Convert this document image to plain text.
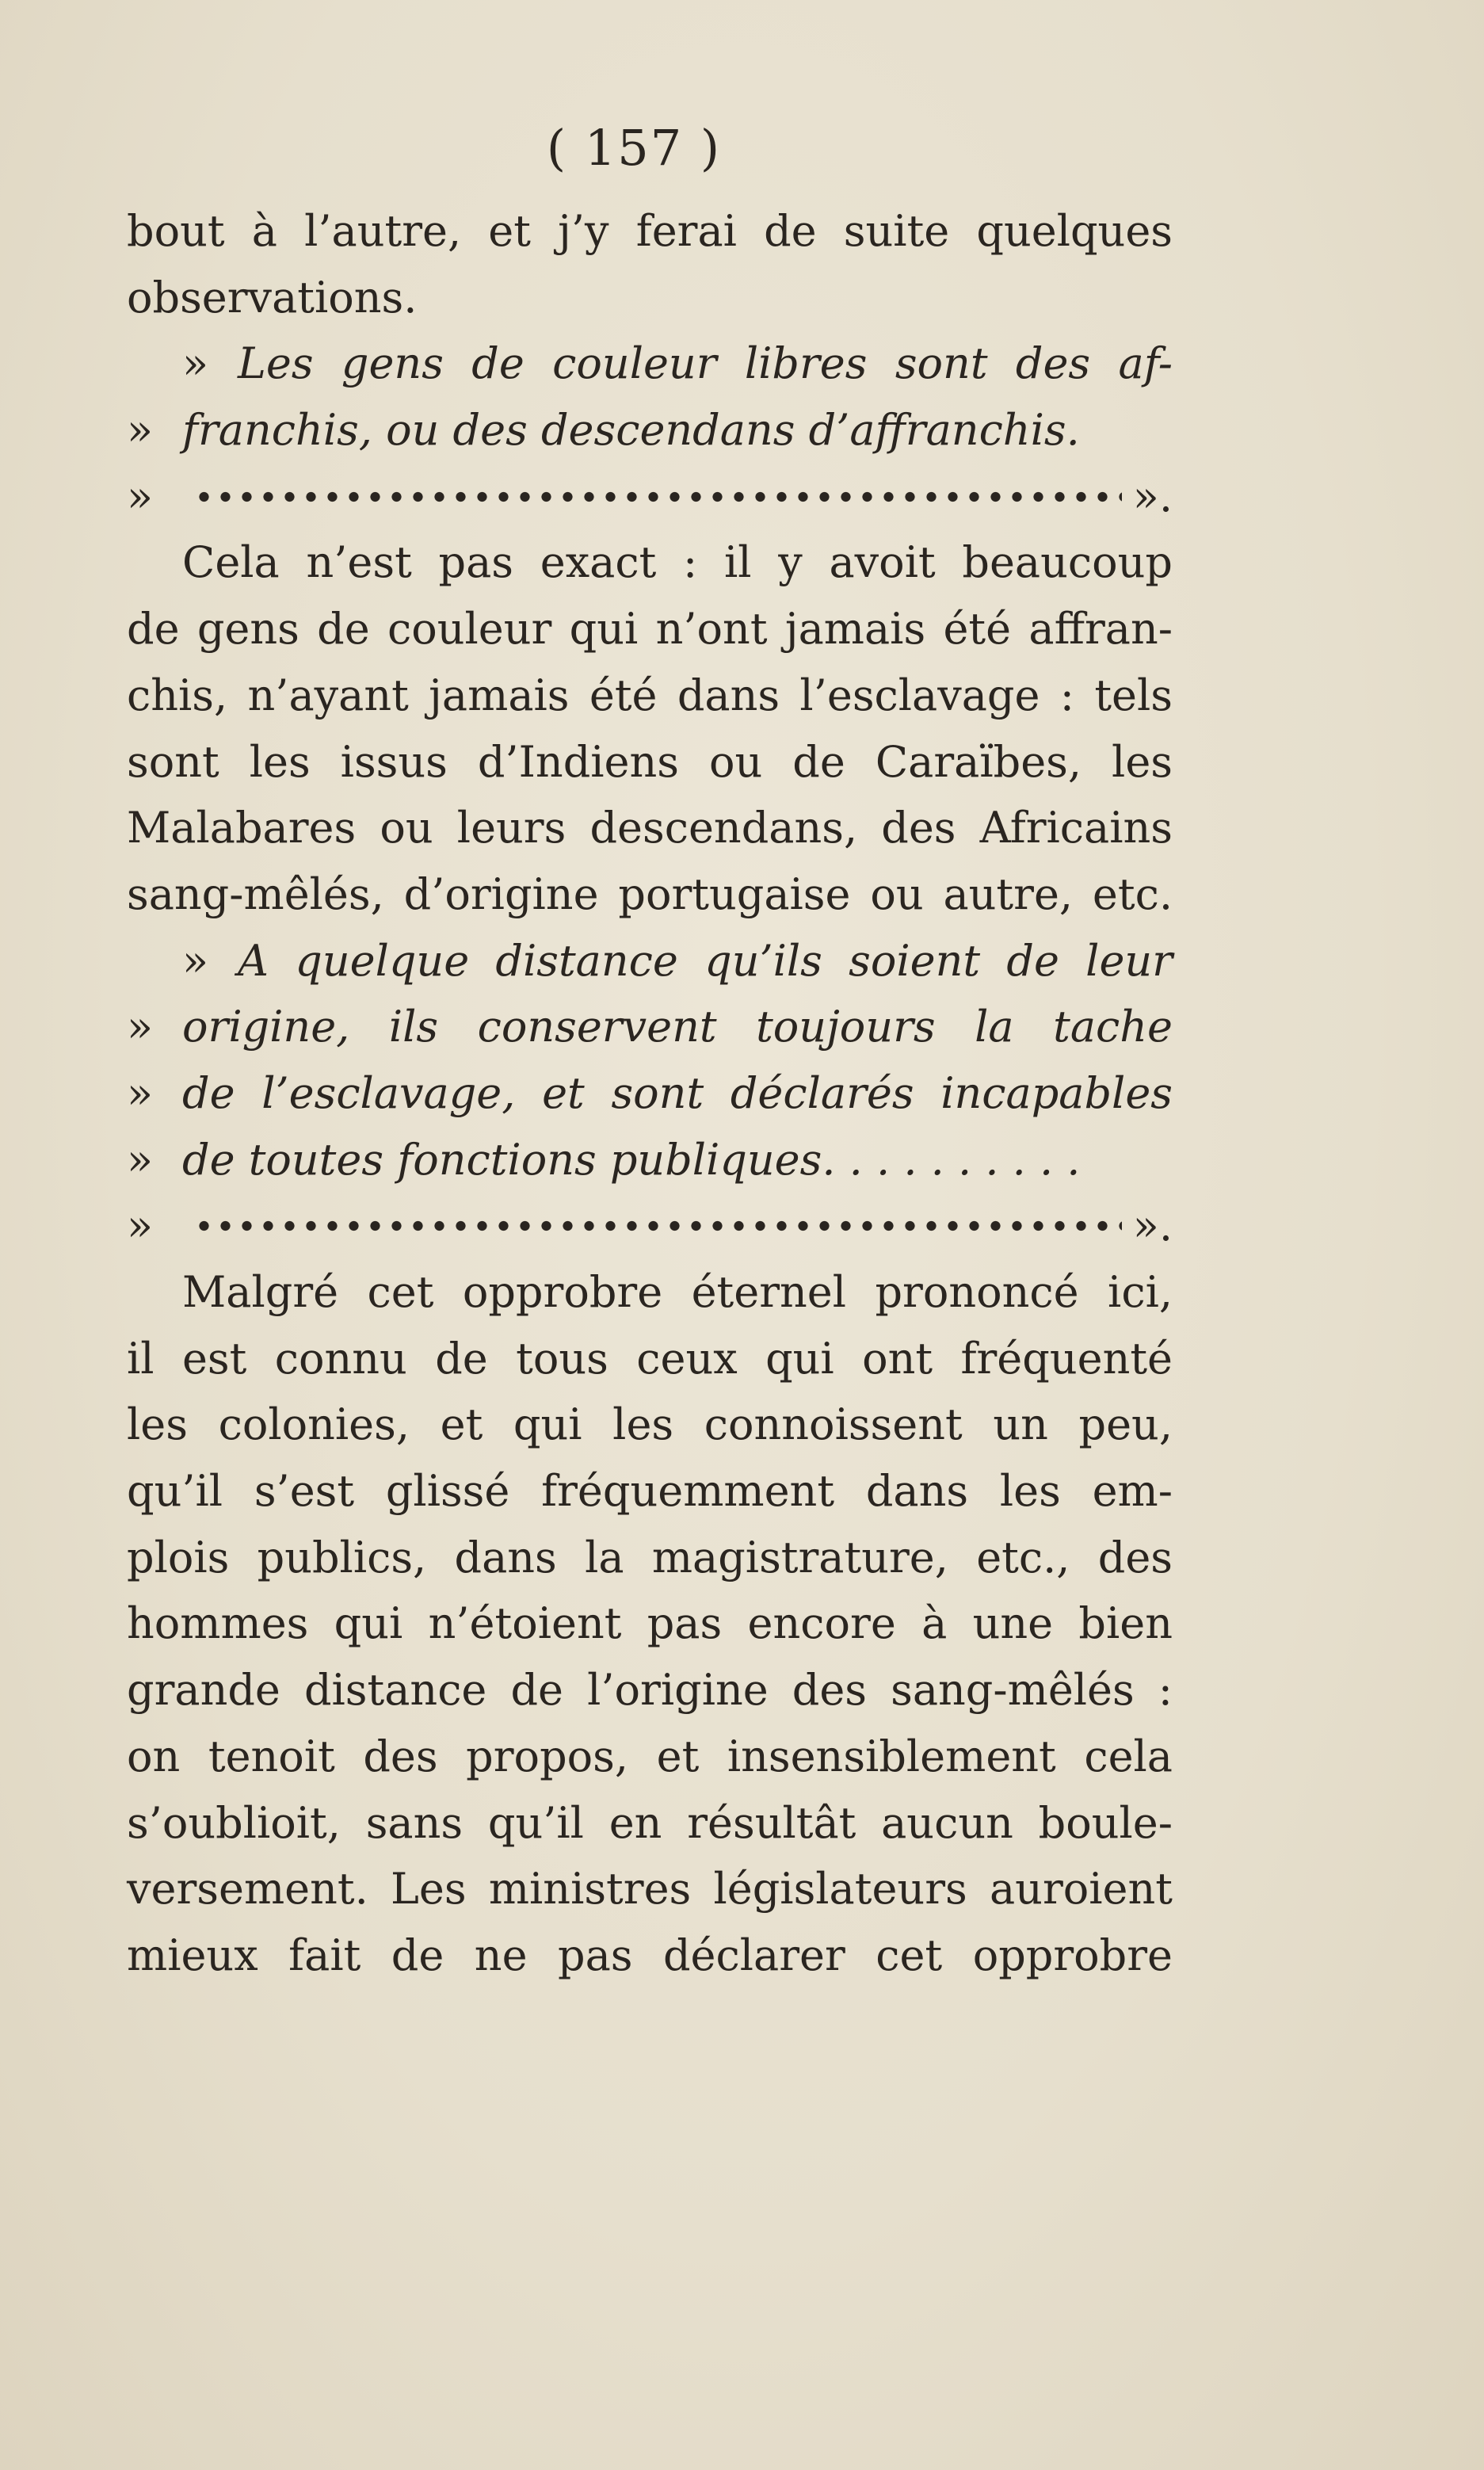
( 157 )
bout à l’autre, et j’y ferai de suite quelques
observations.
» Les gens de couleur libres sont des af-
» franchis, ou des descendans d’affranchis.
»	».
Cela n’est pas exact : il y avoit beaucoup
de gens de couleur qui n’ont jamais été affran-
chis, n’ayant jamais été dans l’esclavage : tels
sont les issus d’Indiens ou de Caraïbes, les
Malabares ou leurs descendans, des Africains
sang-mêlés, d’origine portugaise ou autre, etc.
» A quelque distance qu’ils soient de leur
» origine, ils conservent toujours la tache
» de l’esclavage, et sont déclarés incapables
» de toutes fonctions publiques. . . . . . . . . .
»	».
Malgré cet opprobre éternel prononcé ici,
il est connu de tous ceux qui ont fréquenté
les colonies, et qui les connoissent un peu,
qu’il s’est glissé fréquemment dans les em-
plois publics, dans la magistrature, etc., des
hommes qui n’étoient pas encore à une bien
grande distance de l’origine des sang-mêlés :
on tenoit des propos, et insensiblement cela
s’oublioit, sans qu’il en résultât aucun boule-
versement. Les ministres législateurs auroient
mieux fait de ne pas déclarer cet opprobre
